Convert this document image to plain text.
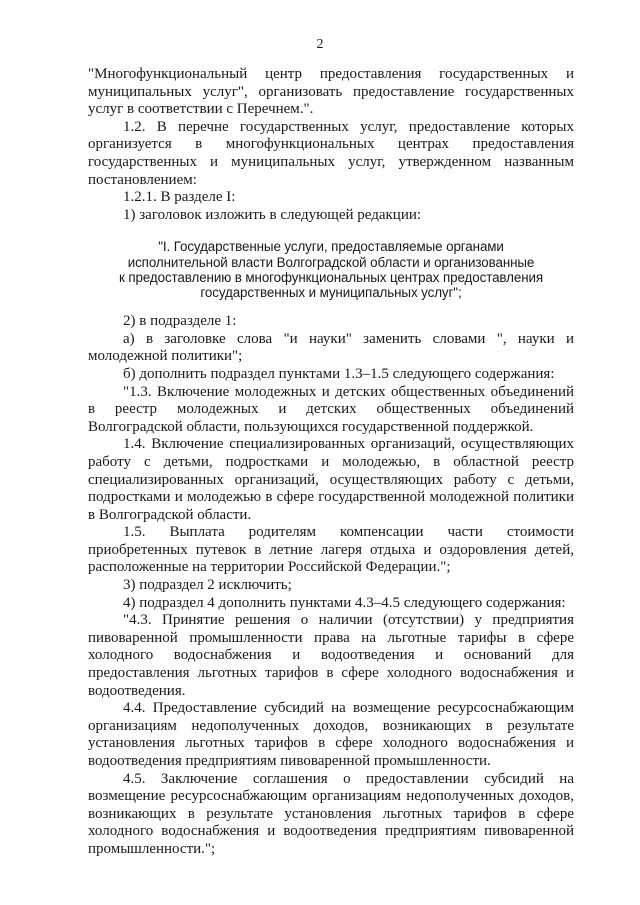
2

"Многофункциональный центр предоставления государственных и муниципальных услуг", организовать предоставление государственных услуг в соответствии с Перечнем.".

1.2. В перечне государственных услуг, предоставление которых организуется в многофункциональных центрах предоставления государственных и муниципальных услуг, утвержденном названным постановлением:

1.2.1. В разделе I:

1) заголовок изложить в следующей редакции:

"I. Государственные услуги, предоставляемые органами
исполнительной власти Волгоградской области и организованные
к предоставлению в многофункциональных центрах предоставления
государственных и муниципальных услуг";

2) в подразделе 1:

а) в заголовке слова "и науки" заменить словами ", науки и молодежной политики";

б) дополнить подраздел пунктами 1.3–1.5 следующего содержания:

"1.3. Включение молодежных и детских общественных объединений в реестр молодежных и детских общественных объединений Волгоградской области, пользующихся государственной поддержкой.

1.4. Включение специализированных организаций, осуществляющих работу с детьми, подростками и молодежью, в областной реестр специализированных организаций, осуществляющих работу с детьми, подростками и молодежью в сфере государственной молодежной политики в Волгоградской области.

1.5. Выплата родителям компенсации части стоимости приобретенных путевок в летние лагеря отдыха и оздоровления детей, расположенные на территории Российской Федерации.";

3) подраздел 2 исключить;

4) подраздел 4 дополнить пунктами 4.3–4.5 следующего содержания:

"4.3. Принятие решения о наличии (отсутствии) у предприятия пивоваренной промышленности права на льготные тарифы в сфере холодного водоснабжения и водоотведения и оснований для предоставления льготных тарифов в сфере холодного водоснабжения и водоотведения.

4.4. Предоставление субсидий на возмещение ресурсоснабжающим организациям недополученных доходов, возникающих в результате установления льготных тарифов в сфере холодного водоснабжения и водоотведения предприятиям пивоваренной промышленности.

4.5. Заключение соглашения о предоставлении субсидий на возмещение ресурсоснабжающим организациям недополученных доходов, возникающих в результате установления льготных тарифов в сфере холодного водоснабжения и водоотведения предприятиям пивоваренной промышленности.";
